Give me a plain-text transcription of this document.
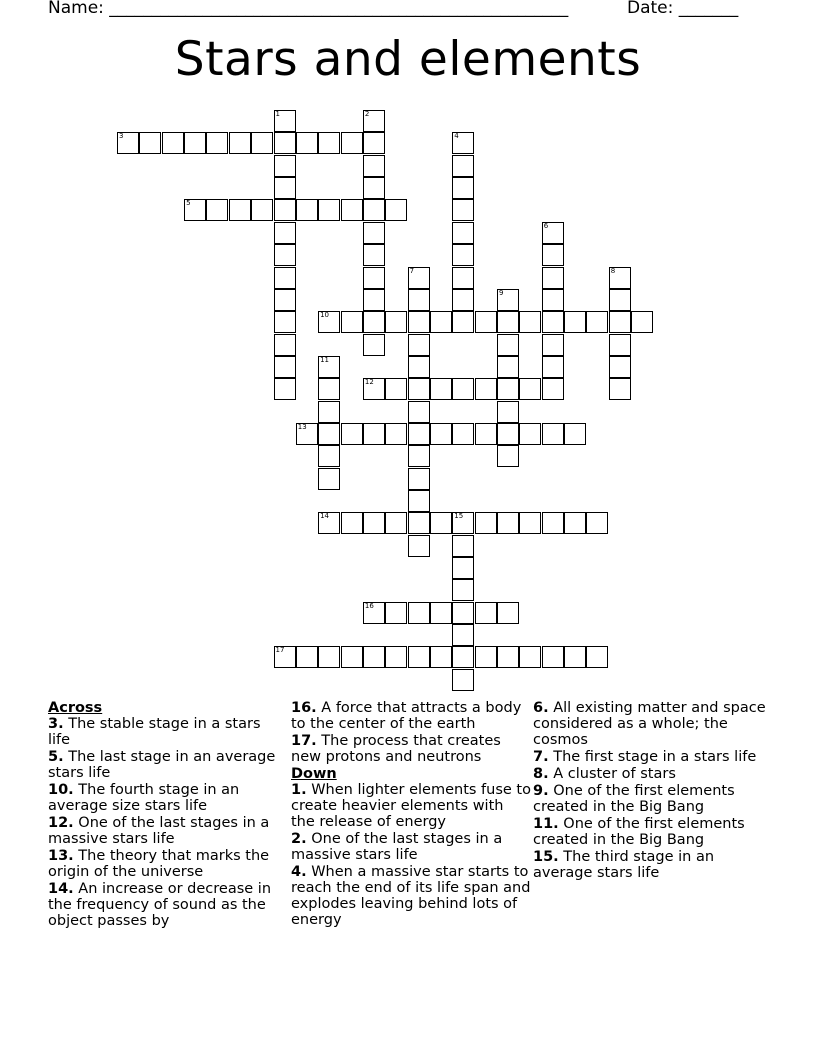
Name: ______________________________________________________	Date: _______
Stars and elements
1	2
3	4
5
6
7	8
9
10
11
12
13
14	15
16
17
Across
3. The stable stage in a stars life
5. The last stage in an average stars life
10. The fourth stage in an average size stars life
12. One of the last stages in a massive stars life
13. The theory that marks the origin of the universe
14. An increase or decrease in the frequency of sound as the object passes by
16. A force that attracts a body to the center of the earth
17. The process that creates new protons and neutrons
Down
1. When lighter elements fuse to create heavier elements with the release of energy
2. One of the last stages in a massive stars life
4. When a massive star starts to reach the end of its life span and explodes leaving behind lots of energy
6. All existing matter and space considered as a whole; the cosmos
7. The first stage in a stars life
8. A cluster of stars
9. One of the first elements created in the Big Bang
11. One of the first elements created in the Big Bang
15. The third stage in an average stars life
